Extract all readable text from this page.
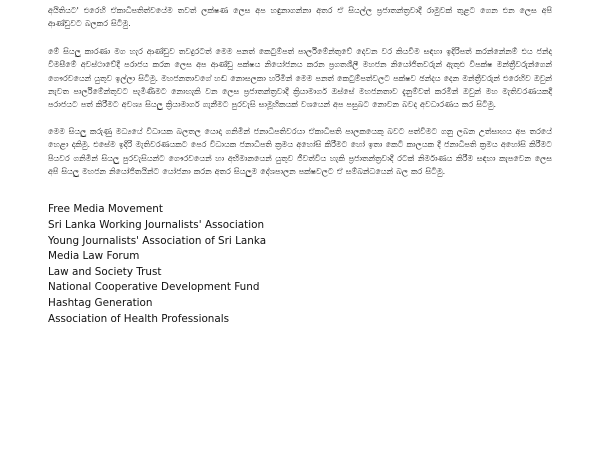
අයිතියට' එරෙහි ඒකාධිපතිත්වයේම තවත් ලක්ෂණ ලෙස අප හඳුනාගන්නා අතර ඒ සියල්ල ප්‍රජාතන්ත්‍රවාදී රාමුවක් තුළට ගෙන එන ලෙස අපි ආණ්ඩුවට බලකර සිටිමු.

මේ සියලු කාරණා මග හැර ආණ්ඩුව තවදුරටත් මෙම පනත් කෙටුම්පත් පාර්ලිමේන්තුවේ දෙවන වර කියවීම සඳහා ඉදිරිපත් කරන්නේනම් එය ජන්ද විමසීමේ අවස්ථාවේදී පරාජය කරන ලෙස අප ආණ්ඩු පක්ෂය නියෝජනය කරන ප්‍රගතශීලී මහජන නියෝජිතවරුන් ඇතුළු විපක්ෂ මන්ත්‍රීවරුන්ගෙන් ගෞරවයෙන් යුතුව ඉල්ලා සිටිමු. මහජනතාවගේ හඬ නොසලකා හරිමින් මෙම පනත් කෙටුම්පත්වලට පක්ෂව ඡන්දය දෙන මන්ත්‍රීවරුන් එරෙහිව ඔවුන් නැවත පාර්ලිමේන්තුවට පැමිණීමට නොහැකි වන ලෙස ප්‍රජාතන්ත්‍රවාදී ක්‍රියාමාර්ග ඔස්සේ මහජනතාව දැනුම්වත් කරමින් ඔවුන් මහ මැතිවරණයකදී පරාජයට පත් කිරීමට අවශ්‍ය සියලු ක්‍රියාමාර්ග ගැනීමට පුරවැසි සාමූහිකයක් වශයෙන් අප පසුබට නොවන බවද අවධාරණය කර සිටිමු.

මෙම සියලු කරුණු මධ්‍යයේ විධායක බලතල යොදා ගනිමින් ජනාධිපතිවරයා ඒකාධිපති පාලකයෙකු බවට පත්වීමට ගනු ලබන උත්සාහය අප තරයේ හෙළා දකිමු. එසේම ඉදිරි මැතිවරණයකට පෙර විධායක ජනාධිපති ක්‍රමය අහෝසි කිරීමට හෝ ඉතා කෙටි කාලයක දී ජනාධිපති ක්‍රමය අහෝසි කිරීමට පියවර ගනිමින් සියලු පුරවැසියන්ට ගෞරවයෙන් හා අභිමානයෙන් යුතුව ජීවත්විය හැකි ප්‍රජාතන්ත්‍රවාදී රටක් නිර්මාණය කිරීම සඳහා කැපවෙන ලෙස අපි සියලු මහජන නියෝජිතයින්ට යෝජනා කරන අතර සියලුම දේශපාලන පක්ෂවලට ඒ සම්බන්ධයෙන් බල කර සිටිමු.

Free Media Movement
Sri Lanka Working Journalists' Association
Young Journalists' Association of Sri Lanka
Media Law Forum
Law and Society Trust
National Cooperative Development Fund
Hashtag Generation
Association of Health Professionals
